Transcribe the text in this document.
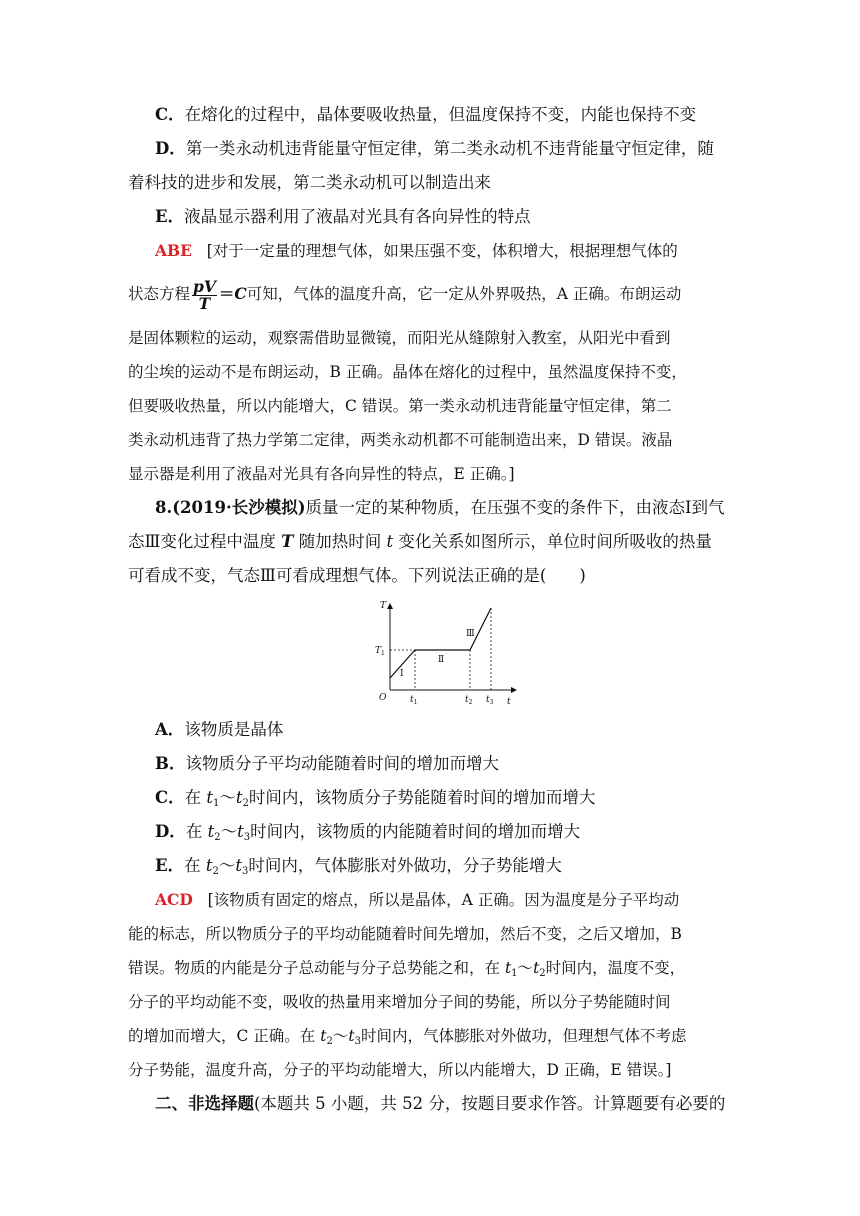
C．在熔化的过程中，晶体要吸收热量，但温度保持不变，内能也保持不变
D．第一类永动机违背能量守恒定律，第二类永动机不违背能量守恒定律，随
着科技的进步和发展，第二类永动机可以制造出来
E．液晶显示器利用了液晶对光具有各向异性的特点
ABE [对于一定量的理想气体，如果压强不变，体积增大，根据理想气体的
状态方程 $\frac{pV}{T} =C$可知，气体的温度升高，它一定从外界吸热，A 正确。布朗运动
是固体颗粒的运动，观察需借助显微镜，而阳光从缝隙射入教室，从阳光中看到
的尘埃的运动不是布朗运动，B 正确。晶体在熔化的过程中，虽然温度保持不变，
但要吸收热量，所以内能增大，C 错误。第一类永动机违背能量守恒定律，第二
类永动机违背了热力学第二定律，两类永动机都不可能制造出来，D 错误。液晶
显示器是利用了液晶对光具有各向异性的特点，E 正确。]
8.(2019·长沙模拟)质量一定的某种物质，在压强不变的条件下，由液态Ⅰ到气
态Ⅲ变化过程中温度 T 随加热时间 t 变化关系如图所示，单位时间所吸收的热量
可看成不变，气态Ⅲ可看成理想气体。下列说法正确的是(　　)
T
t
O
$T_1$
$t_1$	$t_2$ $t_3$
Ⅰ
Ⅱ
Ⅲ
A．该物质是晶体
B．该物质分子平均动能随着时间的增加而增大
C．在 $t_1\sim t_2$时间内，该物质分子势能随着时间的增加而增大
D．在 $t_2\sim t_3$时间内，该物质的内能随着时间的增加而增大
E．在 $t_2\sim t_3$时间内，气体膨胀对外做功，分子势能增大
ACD [该物质有固定的熔点，所以是晶体，A 正确。因为温度是分子平均动
能的标志，所以物质分子的平均动能随着时间先增加，然后不变，之后又增加，B
错误。物质的内能是分子总动能与分子总势能之和，在 $t_1\sim t_2$时间内，温度不变，
分子的平均动能不变，吸收的热量用来增加分子间的势能，所以分子势能随时间
的增加而增大，C 正确。在 $t_2\sim t_3$时间内，气体膨胀对外做功，但理想气体不考虑
分子势能，温度升高，分子的平均动能增大，所以内能增大，D 正确，E 错误。]
二、非选择题(本题共 5 小题，共 52 分，按题目要求作答。计算题要有必要的
